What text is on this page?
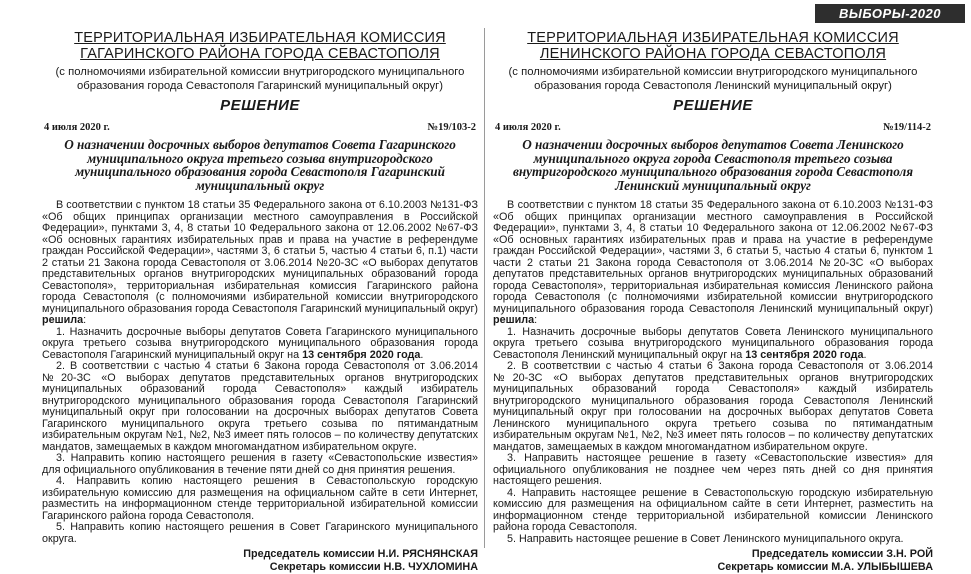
ВЫБОРЫ-2020
ТЕРРИТОРИАЛЬНАЯ ИЗБИРАТЕЛЬНАЯ КОМИССИЯ ГАГАРИНСКОГО РАЙОНА ГОРОДА СЕВАСТОПОЛЯ
(с полномочиями избирательной комиссии внутригородского муниципального образования города Севастополя Гагаринский муниципальный округ)
РЕШЕНИЕ
4 июля 2020 г.	№19/103-2
О назначении досрочных выборов депутатов Совета Гагаринского муниципального округа третьего созыва внутригородского муниципального образования города Севастополя Гагаринский муниципальный округ

В соответствии с пунктом 18 статьи 35 Федерального закона от 6.10.2003 №131-ФЗ «Об общих принципах организации местного самоуправления в Российской Федерации», пунктами 3, 4, 8 статьи 10 Федерального закона от 12.06.2002 №67-ФЗ «Об основных гарантиях избирательных прав и права на участие в референдуме граждан Российской Федерации», частями 3, 6 статьи 5, частью 4 статьи 6, п.1) части 2 статьи 21 Закона города Севастополя от 3.06.2014 №20-ЗС «О выборах депутатов представительных органов внутригородских муниципальных образований города Севастополя», территориальная избирательная комиссия Гагаринского района города Севастополя (с полномочиями избирательной комиссии внутригородского муниципального образования города Севастополя Гагаринский муниципальный округ) решила:

1. Назначить досрочные выборы депутатов Совета Гагаринского муниципального округа третьего созыва внутригородского муниципального образования города Севастополя Гагаринский муниципальный округ на 13 сентября 2020 года.

2. В соответствии с частью 4 статьи 6 Закона города Севастополя от 3.06.2014 №20-ЗС «О выборах депутатов представительных органов внутригородских муниципальных образований города Севастополя» каждый избиратель внутригородского муниципального образования города Севастополя Гагаринский муниципальный округ при голосовании на досрочных выборах депутатов Совета Гагаринского муниципального округа третьего созыва по пятимандатным избирательным округам №1, №2, №3 имеет пять голосов – по количеству депутатских мандатов, замещаемых в каждом многомандатном избирательном округе.

3. Направить копию настоящего решения в газету «Севастопольские известия» для официального опубликования в течение пяти дней со дня принятия решения.

4. Направить копию настоящего решения в Севастопольскую городскую избирательную комиссию для размещения на официальном сайте в сети Интернет, разместить на информационном стенде территориальной избирательной комиссии Гагаринского района города Севастополя.

5. Направить копию настоящего решения в Совет Гагаринского муниципального округа.

Председатель комиссии Н.И. РЯСНЯНСКАЯ
Секретарь комиссии Н.В. ЧУХЛОМИНА
ТЕРРИТОРИАЛЬНАЯ ИЗБИРАТЕЛЬНАЯ КОМИССИЯ ЛЕНИНСКОГО РАЙОНА ГОРОДА СЕВАСТОПОЛЯ
(с полномочиями избирательной комиссии внутригородского муниципального образования города Севастополя Ленинский муниципальный округ)
РЕШЕНИЕ
4 июля 2020 г.	№19/114-2
О назначении досрочных выборов депутатов Совета Ленинского муниципального округа города Севастополя третьего созыва внутригородского муниципального образования города Севастополя Ленинский муниципальный округ

В соответствии с пунктом 18 статьи 35 Федерального закона от 6.10.2003 №131-ФЗ «Об общих принципах организации местного самоуправления в Российской Федерации», пунктами 3, 4, 8 статьи 10 Федерального закона от 12.06.2002 №67-ФЗ «Об основных гарантиях избирательных прав и права на участие в референдуме граждан Российской Федерации», частями 3, 6 статьи 5, частью 4 статьи 6, пунктом 1 части 2 статьи 21 Закона города Севастополя от 3.06.2014 №20-ЗС «О выборах депутатов представительных органов внутригородских муниципальных образований города Севастополя», территориальная избирательная комиссия Ленинского района города Севастополя (с полномочиями избирательной комиссии внутригородского муниципального образования города Севастополя Ленинский муниципальный округ) решила:

1. Назначить досрочные выборы депутатов Совета Ленинского муниципального округа третьего созыва внутригородского муниципального образования города Севастополя Ленинский муниципальный округ на 13 сентября 2020 года.

2. В соответствии с частью 4 статьи 6 Закона города Севастополя от 3.06.2014 №20-ЗС «О выборах депутатов представительных органов внутригородских муниципальных образований города Севастополя» каждый избиратель внутригородского муниципального образования города Севастополя Ленинский муниципальный округ при голосовании на досрочных выборах депутатов Совета Ленинского муниципального округа третьего созыва по пятимандатным избирательным округам №1, №2, №3 имеет пять голосов – по количеству депутатских мандатов, замещаемых в каждом многомандатном избирательном округе.

3. Направить настоящее решение в газету «Севастопольские известия» для официального опубликования не позднее чем через пять дней со дня принятия настоящего решения.

4. Направить настоящее решение в Севастопольскую городскую избирательную комиссию для размещения на официальном сайте в сети Интернет, разместить на информационном стенде территориальной избирательной комиссии Ленинского района города Севастополя.

5. Направить настоящее решение в Совет Ленинского муниципального округа.

Председатель комиссии З.Н. РОЙ
Секретарь комиссии М.А. УЛЫБЫШЕВА
